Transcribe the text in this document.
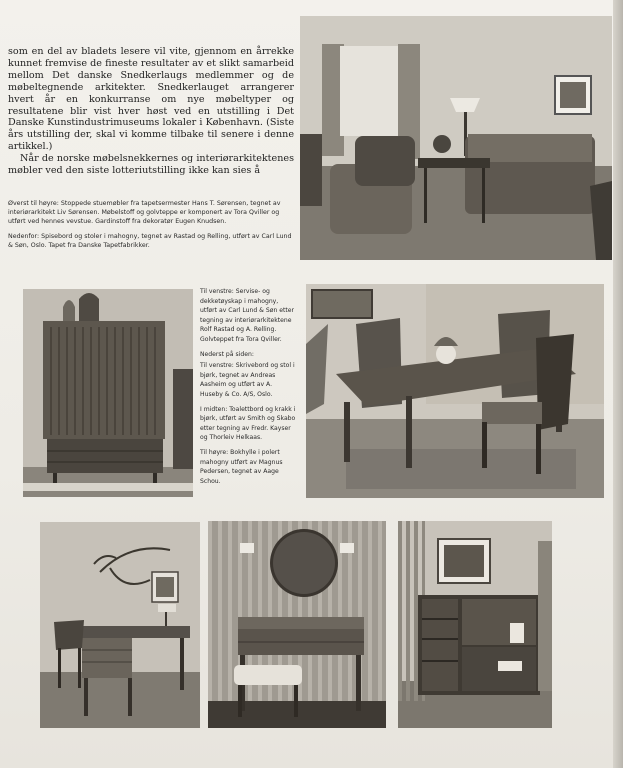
som en del av bladets lesere vil vite, gjennom en årrekke kunnet fremvise de fineste resultater av et slikt samarbeid mellom Det danske Snedkerlaugs medlemmer og de møbeltegnende arkitekter. Snedkerlauget arrangerer hvert år en konkurranse om nye møbeltyper og resultatene blir vist hver høst ved en utstilling i Det Danske Kunstindustrimuseums lokaler i København. (Siste års utstilling der, skal vi komme tilbake til senere i denne artikkel.)

Når de norske møbelsnekkernes og interiørarkitektenes møbler ved den siste lotteriutstilling ikke kan sies å

Øverst til høyre: Stoppede stuemøbler fra tapetsermester Hans T. Sørensen, tegnet av interiørarkitekt Liv Sørensen. Møbelstoff og golvteppe er komponert av Tora Qviller og utført ved hennes vevstue. Gardinstoff fra dekoratør Eugen Knudsen.

Nedenfor: Spisebord og stoler i mahogny, tegnet av Rastad og Relling, utført av Carl Lund & Søn, Oslo. Tapet fra Danske Tapetfabrikker.

Til venstre: Servise- og dekketøyskap i mahogny, utført av Carl Lund & Søn etter tegning av interiørarkitektene Rolf Rastad og A. Relling. Golvteppet fra Tora Qviller.

Nederst på siden:

Til venstre: Skrivebord og stol i bjørk, tegnet av Andreas Aasheim og utført av A. Huseby & Co. A/S, Oslo.

I midten: Toalettbord og krakk i bjørk, utført av Smith og Skabo etter tegning av Fredr. Kayser og Thorleiv Helkaas.

Til høyre: Bokhylle i polert mahogny utført av Magnus Pedersen, tegnet av Aage Schou.
